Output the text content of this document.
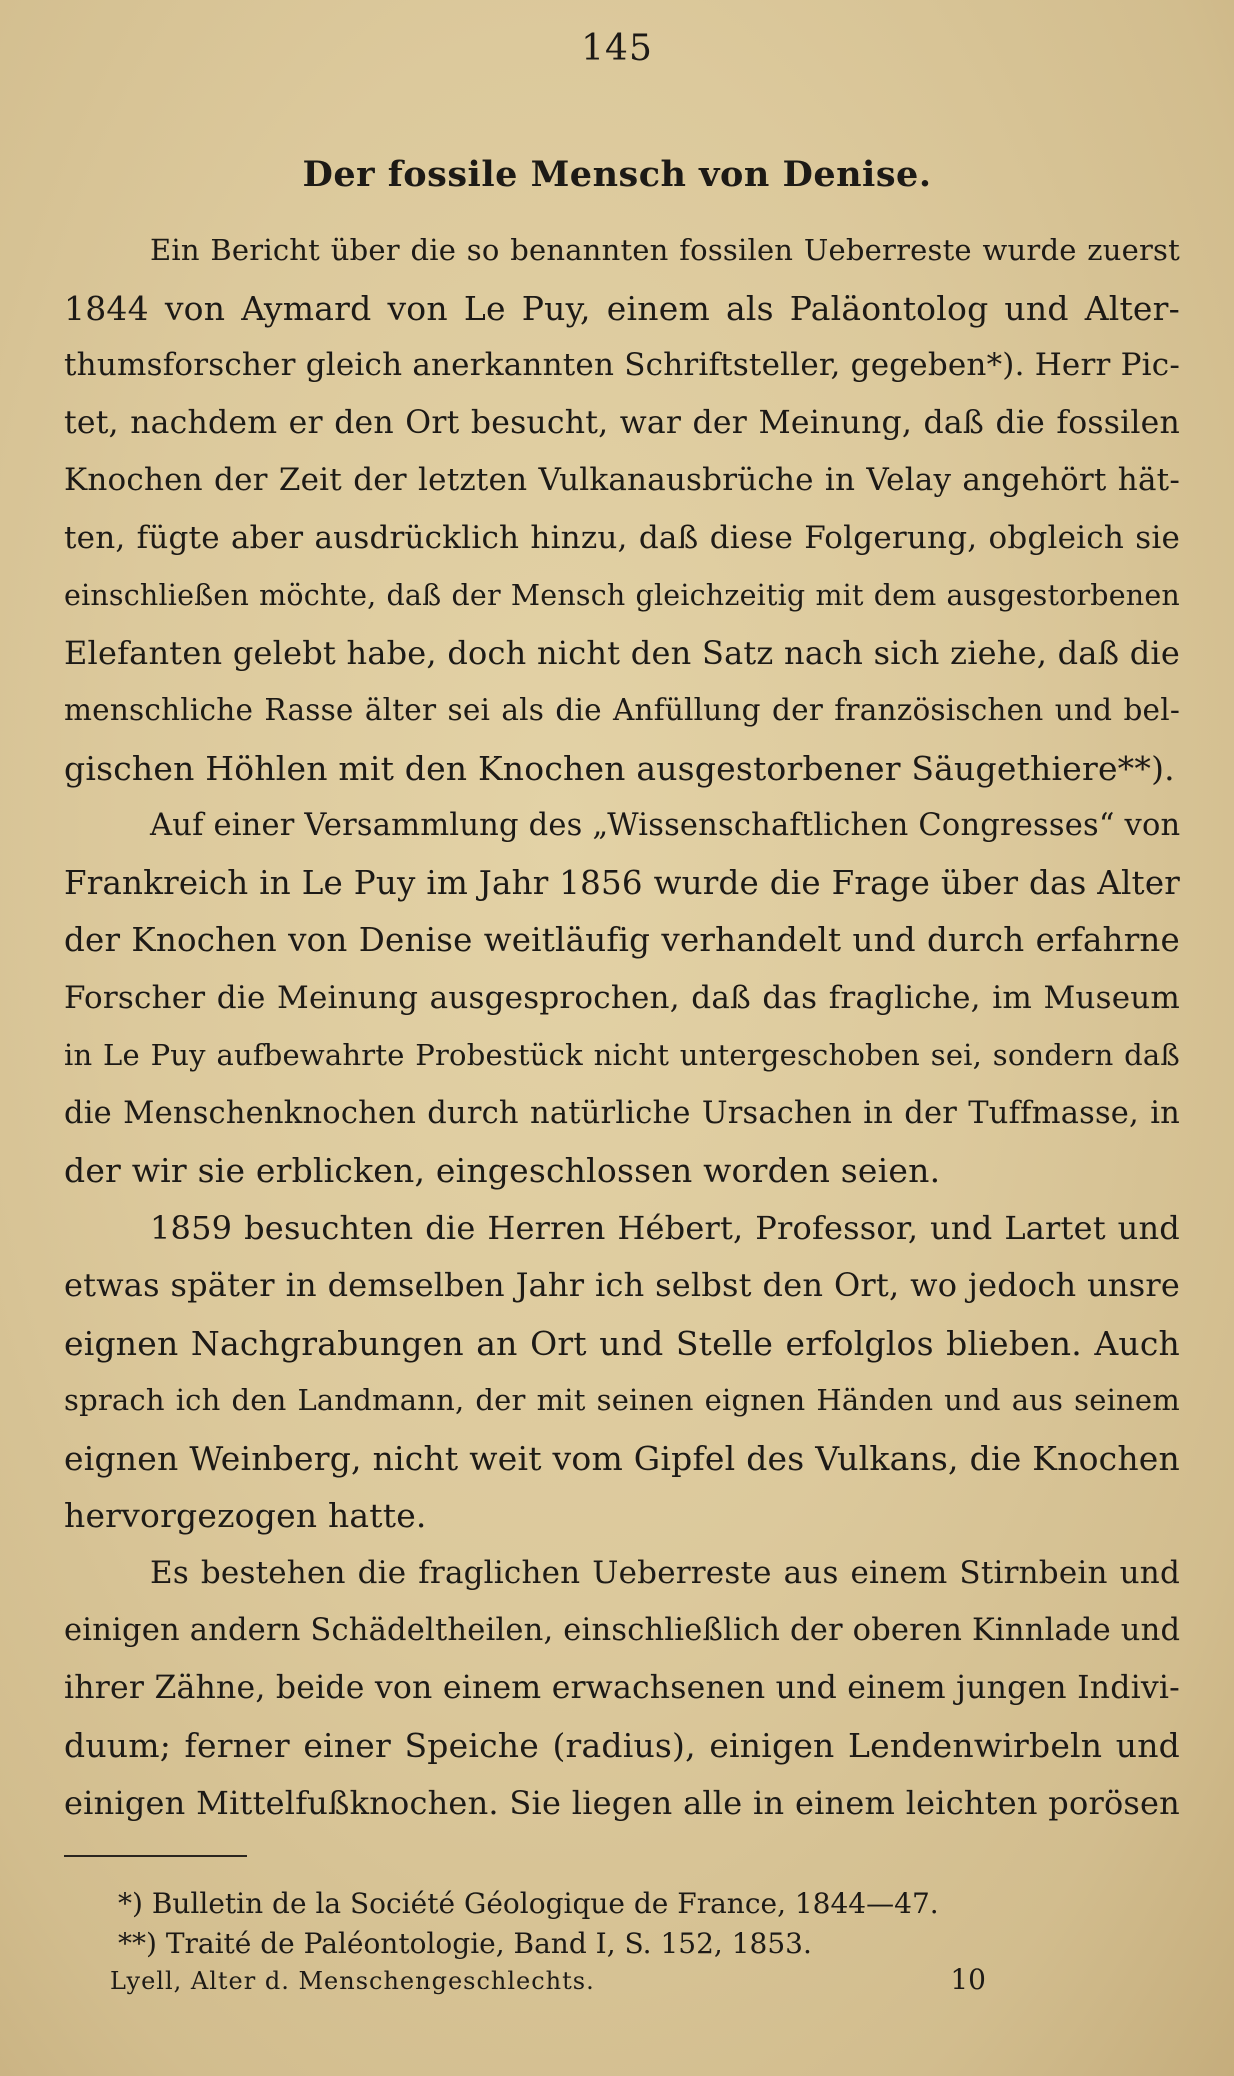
145
Der fossile Mensch von Denise.
Ein Bericht über die so benannten fossilen Ueberreste wurde zuerst
1844 von Aymard von Le Puy, einem als Paläontolog und Alter-
thumsforscher gleich anerkannten Schriftsteller, gegeben*). Herr Pic-
tet, nachdem er den Ort besucht, war der Meinung, daß die fossilen
Knochen der Zeit der letzten Vulkanausbrüche in Velay angehört hät-
ten, fügte aber ausdrücklich hinzu, daß diese Folgerung, obgleich sie
einschließen möchte, daß der Mensch gleichzeitig mit dem ausgestorbenen
Elefanten gelebt habe, doch nicht den Satz nach sich ziehe, daß die
menschliche Rasse älter sei als die Anfüllung der französischen und bel-
gischen Höhlen mit den Knochen ausgestorbener Säugethiere**).
Auf einer Versammlung des „Wissenschaftlichen Congresses“ von
Frankreich in Le Puy im Jahr 1856 wurde die Frage über das Alter
der Knochen von Denise weitläufig verhandelt und durch erfahrne
Forscher die Meinung ausgesprochen, daß das fragliche, im Museum
in Le Puy aufbewahrte Probestück nicht untergeschoben sei, sondern daß
die Menschenknochen durch natürliche Ursachen in der Tuffmasse, in
der wir sie erblicken, eingeschlossen worden seien.
1859 besuchten die Herren Hébert, Professor, und Lartet und
etwas später in demselben Jahr ich selbst den Ort, wo jedoch unsre
eignen Nachgrabungen an Ort und Stelle erfolglos blieben. Auch
sprach ich den Landmann, der mit seinen eignen Händen und aus seinem
eignen Weinberg, nicht weit vom Gipfel des Vulkans, die Knochen
hervorgezogen hatte.
Es bestehen die fraglichen Ueberreste aus einem Stirnbein und
einigen andern Schädeltheilen, einschließlich der oberen Kinnlade und
ihrer Zähne, beide von einem erwachsenen und einem jungen Indivi-
duum; ferner einer Speiche (radius), einigen Lendenwirbeln und
einigen Mittelfußknochen. Sie liegen alle in einem leichten porösen
*) Bulletin de la Société Géologique de France, 1844—47.
**) Traité de Paléontologie, Band I, S. 152, 1853.
Lyell, Alter d. Menschengeschlechts.	10
